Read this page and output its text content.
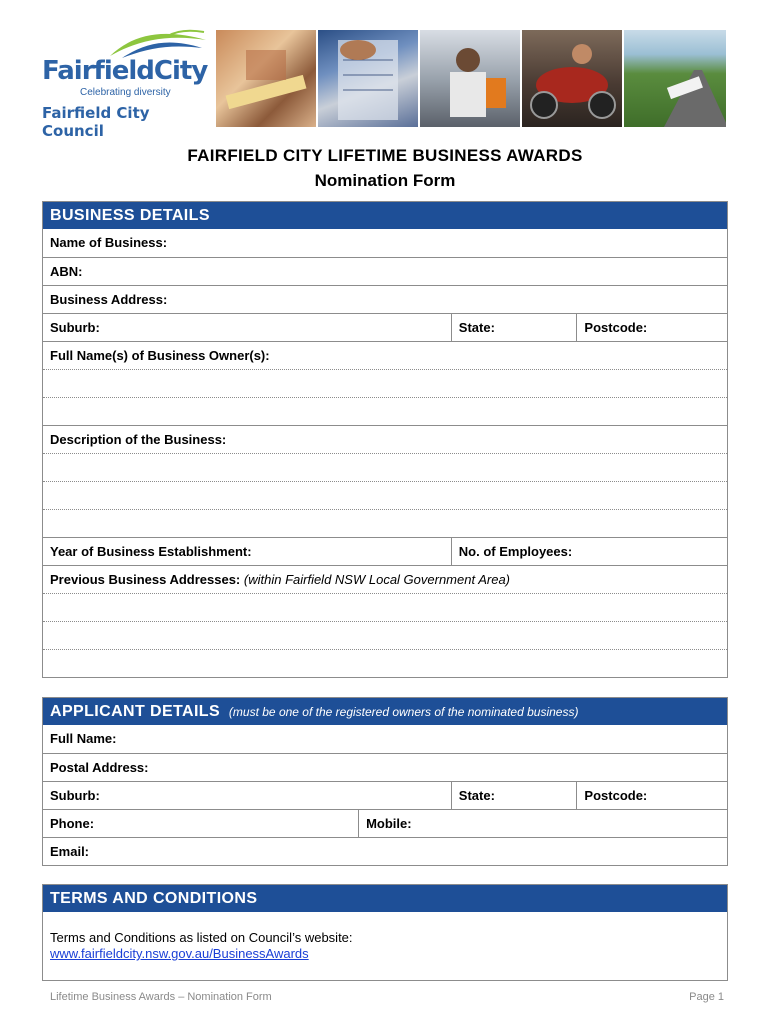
FairfieldCity
Celebrating diversity
Fairfield City Council
FAIRFIELD CITY LIFETIME BUSINESS AWARDS
Nomination Form
BUSINESS DETAILS
Name of Business:
ABN:
Business Address:
Suburb:	State:	Postcode:
Full Name(s) of Business Owner(s):
Description of the Business:
Year of Business Establishment:	No. of Employees:
Previous Business Addresses: (within Fairfield NSW Local Government Area)
APPLICANT DETAILS (must be one of the registered owners of the nominated business)
Full Name:
Postal Address:
Suburb:	State:	Postcode:
Phone:	Mobile:
Email:
TERMS AND CONDITIONS
Terms and Conditions as listed on Council’s website:
www.fairfieldcity.nsw.gov.au/BusinessAwards
Lifetime Business Awards – Nomination Form	Page 1
